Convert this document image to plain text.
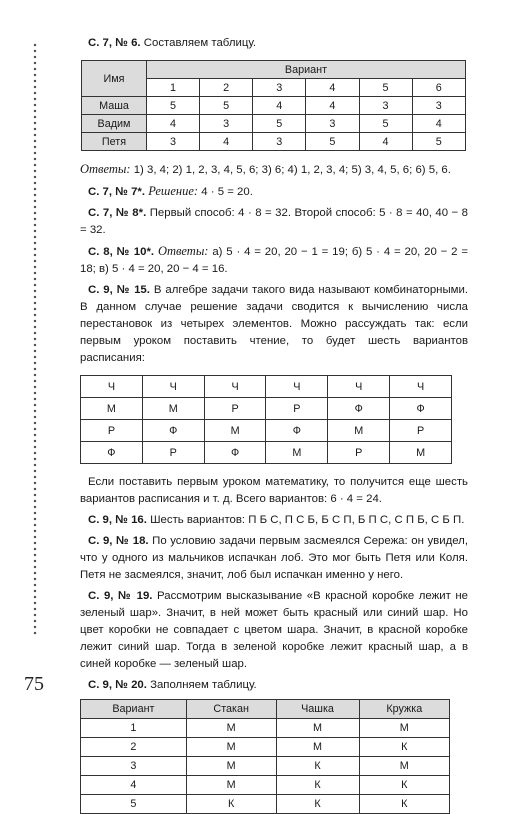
С. 7, № 6. Составляем таблицу.

Имя	Вариант					
	1	2	3	4	5	6
Маша	5	5	4	4	3	3
Вадим	4	3	5	3	5	4
Петя	3	4	3	5	4	5

Ответы: 1) 3, 4; 2) 1, 2, 3, 4, 5, 6; 3) 6; 4) 1, 2, 3, 4; 5) 3, 4, 5, 6; 6) 5, 6.

С. 7, № 7*. Решение: 4 · 5 = 20.

С. 7, № 8*. Первый способ: 4 · 8 = 32. Второй способ: 5 · 8 = 40, 40 − 8 = 32.

С. 8, № 10*. Ответы: а) 5 · 4 = 20, 20 − 1 = 19; б) 5 · 4 = 20, 20 − 2 = 18; в) 5 · 4 = 20, 20 − 4 = 16.

С. 9, № 15. В алгебре задачи такого вида называют комбинаторными. В данном случае решение задачи сводится к вычислению числа перестановок из четырех элементов. Можно рассуждать так: если первым уроком поставить чтение, то будет шесть вариантов расписания:

Ч	Ч	Ч	Ч	Ч	Ч
М	М	Р	Р	Ф	Ф
Р	Ф	М	Ф	М	Р
Ф	Р	Ф	М	Р	М

Если поставить первым уроком математику, то получится еще шесть вариантов расписания и т. д. Всего вариантов: 6 · 4 = 24.

С. 9, № 16. Шесть вариантов: П Б С, П С Б, Б С П, Б П С, С П Б, С Б П.

С. 9, № 18. По условию задачи первым засмеялся Сережа: он увидел, что у одного из мальчиков испачкан лоб. Это мог быть Петя или Коля. Петя не засмеялся, значит, лоб был испачкан именно у него.

С. 9, № 19. Рассмотрим высказывание «В красной коробке лежит не зеленый шар». Значит, в ней может быть красный или синий шар. Но цвет коробки не совпадает с цветом шара. Значит, в красной коробке лежит синий шар. Тогда в зеленой коробке лежит красный шар, а в синей коробке — зеленый шар.

С. 9, № 20. Заполняем таблицу.

Вариант	Стакан	Чашка	Кружка
1	М	М	М
2	М	М	К
3	М	К	М
4	М	К	К
5	К	К	К
75
